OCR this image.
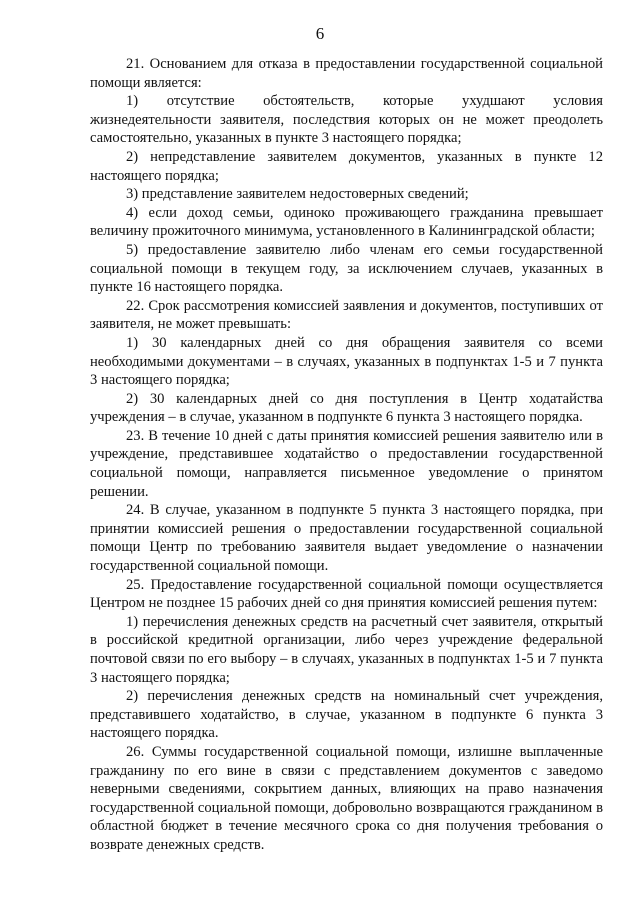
6

21. Основанием для отказа в предоставлении государственной социальной помощи является:

1) отсутствие обстоятельств, которые ухудшают условия жизнедеятельности заявителя, последствия которых он не может преодолеть самостоятельно, указанных в пункте 3 настоящего порядка;

2) непредставление заявителем документов, указанных в пункте 12 настоящего порядка;

3) представление заявителем недостоверных сведений;

4) если доход семьи, одиноко проживающего гражданина превышает величину прожиточного минимума, установленного в Калининградской области;

5) предоставление заявителю либо членам его семьи государственной социальной помощи в текущем году, за исключением случаев, указанных в пункте 16 настоящего порядка.

22. Срок рассмотрения комиссией заявления и документов, поступивших от заявителя, не может превышать:

1) 30 календарных дней со дня обращения заявителя со всеми необходимыми документами – в случаях, указанных в подпунктах 1-5 и 7 пункта 3 настоящего порядка;

2) 30 календарных дней со дня поступления в Центр ходатайства учреждения – в случае, указанном в подпункте 6 пункта 3 настоящего порядка.

23. В течение 10 дней с даты принятия комиссией решения заявителю или в учреждение, представившее ходатайство о предоставлении государственной социальной помощи, направляется письменное уведомление о принятом решении.

24. В случае, указанном в подпункте 5 пункта 3 настоящего порядка, при принятии комиссией решения о предоставлении государственной социальной помощи Центр по требованию заявителя выдает уведомление о назначении государственной социальной помощи.

25. Предоставление государственной социальной помощи осуществляется Центром не позднее 15 рабочих дней со дня принятия комиссией решения путем:

1) перечисления денежных средств на расчетный счет заявителя, открытый в российской кредитной организации, либо через учреждение федеральной почтовой связи по его выбору – в случаях, указанных в подпунктах 1-5 и 7 пункта 3 настоящего порядка;

2) перечисления денежных средств на номинальный счет учреждения, представившего ходатайство, в случае, указанном в подпункте 6 пункта 3 настоящего порядка.

26. Суммы государственной социальной помощи, излишне выплаченные гражданину по его вине в связи с представлением документов с заведомо неверными сведениями, сокрытием данных, влияющих на право назначения государственной социальной помощи, добровольно возвращаются гражданином в областной бюджет в течение месячного срока со дня получения требования о возврате денежных средств.
